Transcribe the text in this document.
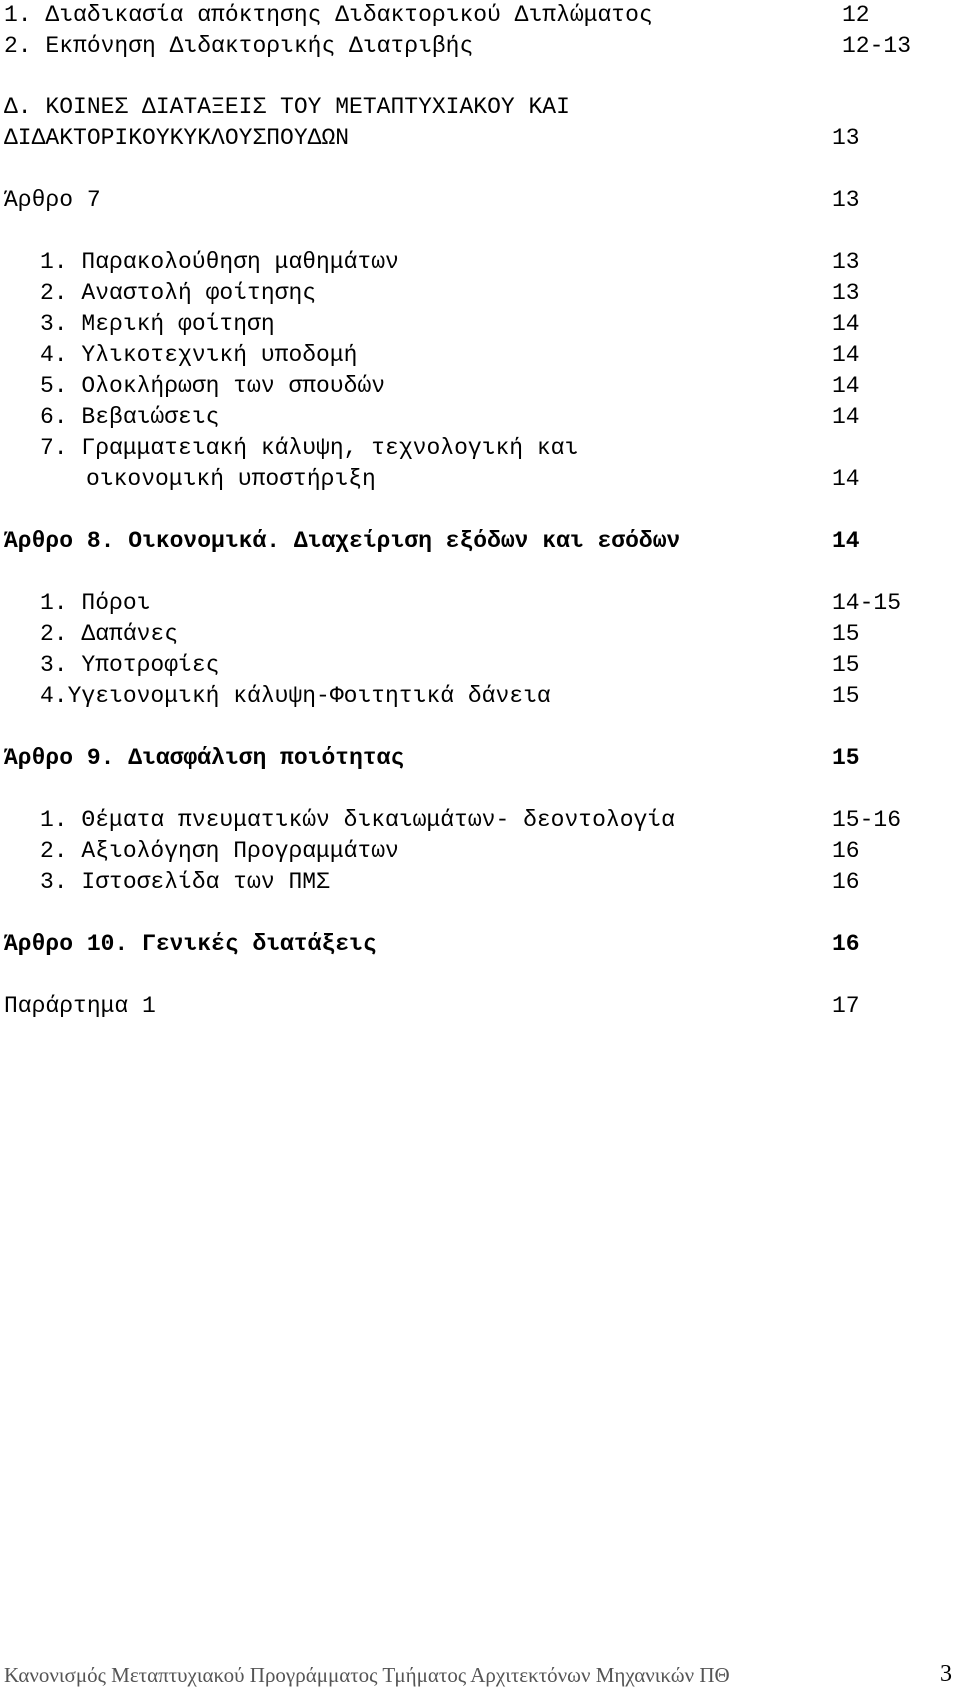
1. Διαδικασία απόκτησης Διδακτορικού Διπλώματος	12
2. Εκπόνηση Διδακτορικής Διατριβής	12-13
Δ. ΚΟΙΝΕΣ ΔΙΑΤΑΞΕΙΣ ΤΟΥ ΜΕΤΑΠΤΥΧΙΑΚΟΥ ΚΑΙ
ΔΙΔΑΚΤΟΡΙΚΟΥΚΥΚΛΟΥΣΠΟΥΔΩΝ	13
Άρθρο 7	13
1. Παρακολούθηση μαθημάτων	13
2. Αναστολή φοίτησης	13
3. Μερική φοίτηση	14
4. Υλικοτεχνική υποδομή	14
5. Ολοκλήρωση των σπουδών	14
6. Βεβαιώσεις	14
7. Γραμματειακή κάλυψη, τεχνολογική και
οικονομική υποστήριξη	14
Άρθρο 8. Οικονομικά. Διαχείριση εξόδων και εσόδων	14
1. Πόροι	14-15
2. Δαπάνες	15
3. Υποτροφίες	15
4.Υγειονομική κάλυψη-Φοιτητικά δάνεια	15
Άρθρο 9. Διασφάλιση ποιότητας	15
1. Θέματα πνευματικών δικαιωμάτων- δεοντολογία	15-16
2. Αξιολόγηση Προγραμμάτων	16
3. Ιστοσελίδα των ΠΜΣ	16
Άρθρο 10. Γενικές διατάξεις	16
Παράρτημα 1	17
Κανονισμός Μεταπτυχιακού Προγράμματος Τμήματος Αρχιτεκτόνων Μηχανικών ΠΘ	3
